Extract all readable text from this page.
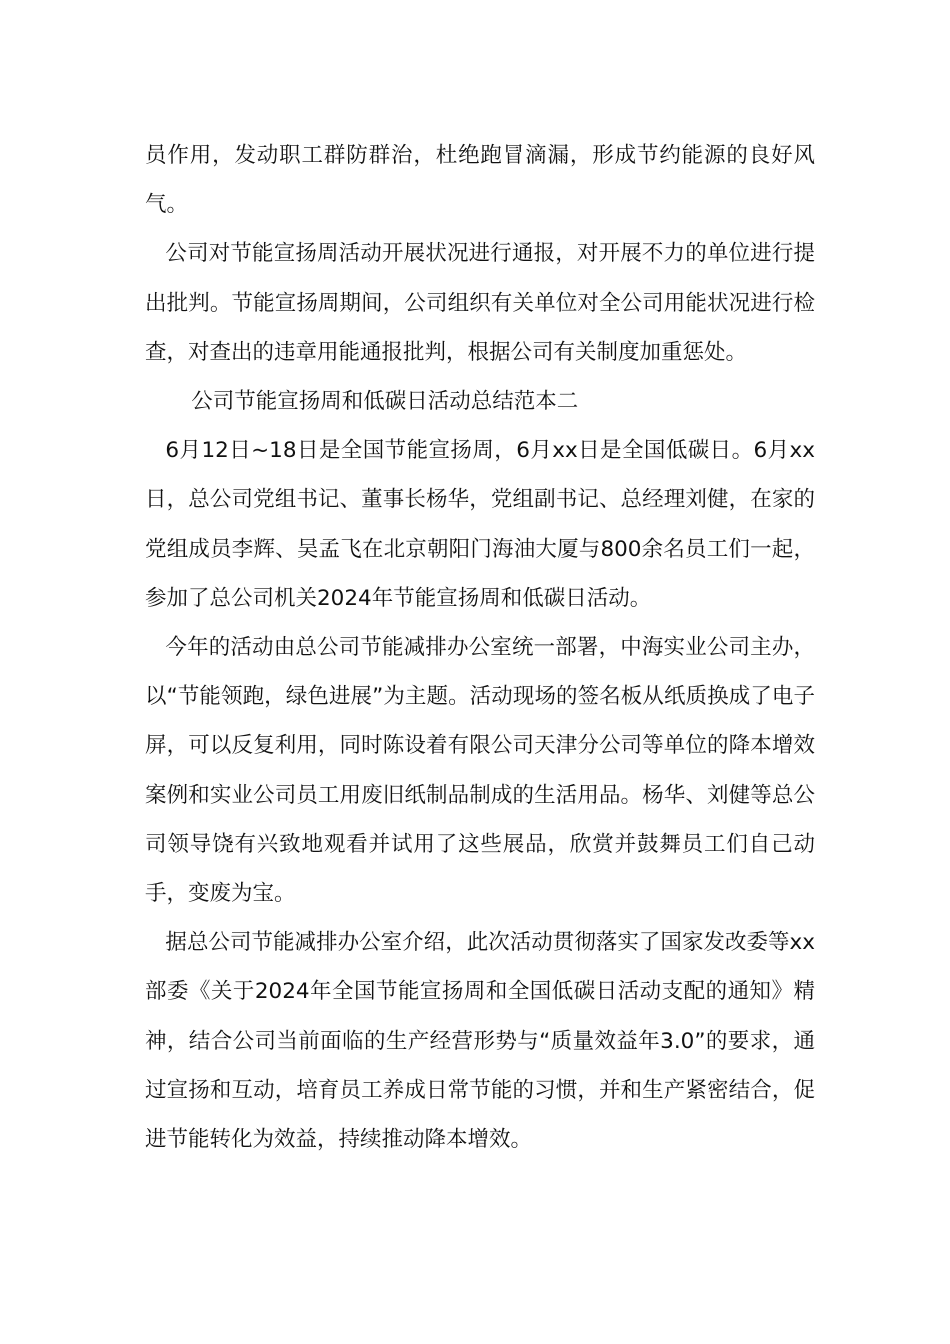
员作用，发动职工群防群治，杜绝跑冒滴漏，形成节约能源的良好风气。

公司对节能宣扬周活动开展状况进行通报，对开展不力的单位进行提出批判。节能宣扬周期间，公司组织有关单位对全公司用能状况进行检查，对查出的违章用能通报批判，根据公司有关制度加重惩处。

公司节能宣扬周和低碳日活动总结范本二

6月12日~18日是全国节能宣扬周，6月xx日是全国低碳日。6月xx日，总公司党组书记、董事长杨华，党组副书记、总经理刘健，在家的党组成员李辉、吴孟飞在北京朝阳门海油大厦与800余名员工们一起，参加了总公司机关2024年节能宣扬周和低碳日活动。

今年的活动由总公司节能减排办公室统一部署，中海实业公司主办，以“节能领跑，绿色进展”为主题。活动现场的签名板从纸质换成了电子屏，可以反复利用，同时陈设着有限公司天津分公司等单位的降本增效案例和实业公司员工用废旧纸制品制成的生活用品。杨华、刘健等总公司领导饶有兴致地观看并试用了这些展品，欣赏并鼓舞员工们自己动手，变废为宝。

据总公司节能减排办公室介绍，此次活动贯彻落实了国家发改委等xx部委《关于2024年全国节能宣扬周和全国低碳日活动支配的通知》精神，结合公司当前面临的生产经营形势与“质量效益年3.0”的要求，通过宣扬和互动，培育员工养成日常节能的习惯，并和生产紧密结合，促进节能转化为效益，持续推动降本增效。
